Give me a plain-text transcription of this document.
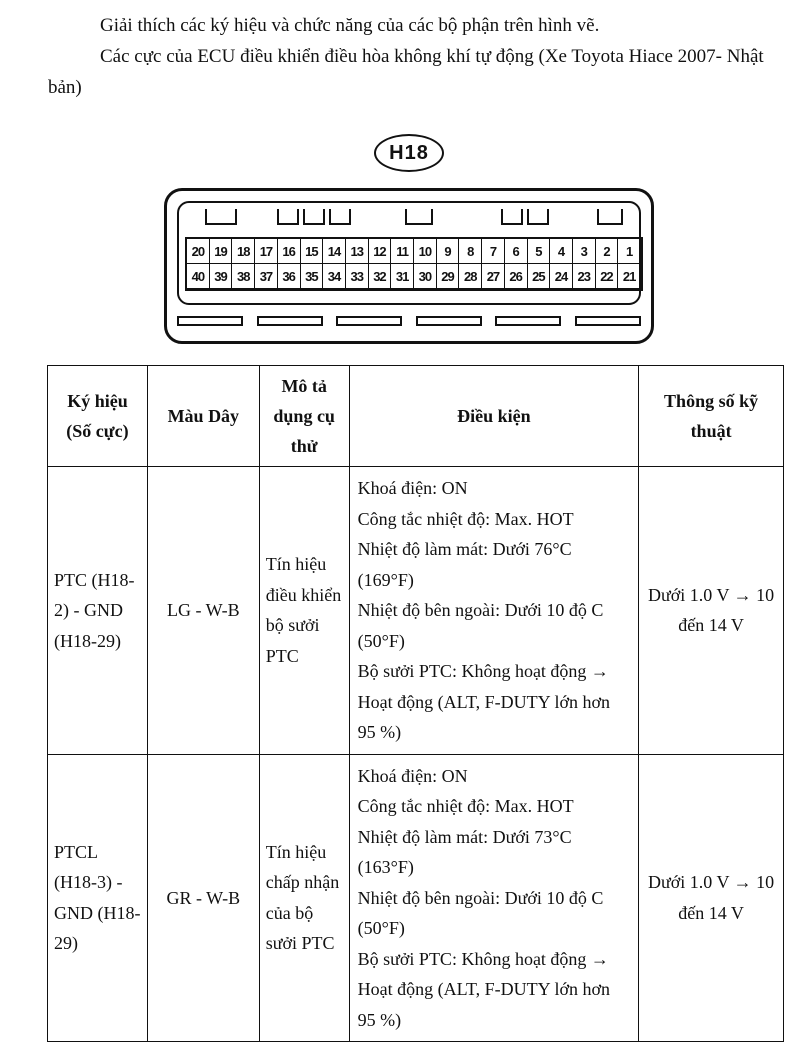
Giải thích các ký hiệu và chức năng của các bộ phận trên hình vẽ.

Các cực của ECU điều khiển điều hòa không khí tự động (Xe Toyota Hiace 2007- Nhật bản)

H18
20 19 18 17 16 15 14 13 12 11 10	9	8	7	6	5	4	3	2	1
40 39 38 37 36 35 34 33 32 31 30 29 28 27 26 25 24 23 22 21
Ký hiệu (Số cực)	Màu Dây	Mô tả dụng cụ thử	Điều kiện	Thông số kỹ thuật
PTC (H18-2) - GND (H18-29)	LG - W-B	Tín hiệu điều khiển bộ sưởi PTC	Khoá điện: ON
Công tắc nhiệt độ: Max. HOT
Nhiệt độ làm mát: Dưới 76°C (169°F)
Nhiệt độ bên ngoài: Dưới 10 độ C (50°F)
Bộ sưởi PTC: Không hoạt động → Hoạt động (ALT, F-DUTY lớn hơn 95 %)	Dưới 1.0 V → 10 đến 14 V
PTCL (H18-3) - GND (H18-29)	GR - W-B	Tín hiệu chấp nhận của bộ sưởi PTC	Khoá điện: ON
Công tắc nhiệt độ: Max. HOT
Nhiệt độ làm mát: Dưới 73°C (163°F)
Nhiệt độ bên ngoài: Dưới 10 độ C (50°F)
Bộ sưởi PTC: Không hoạt động → Hoạt động (ALT, F-DUTY lớn hơn 95 %)	Dưới 1.0 V → 10 đến 14 V
